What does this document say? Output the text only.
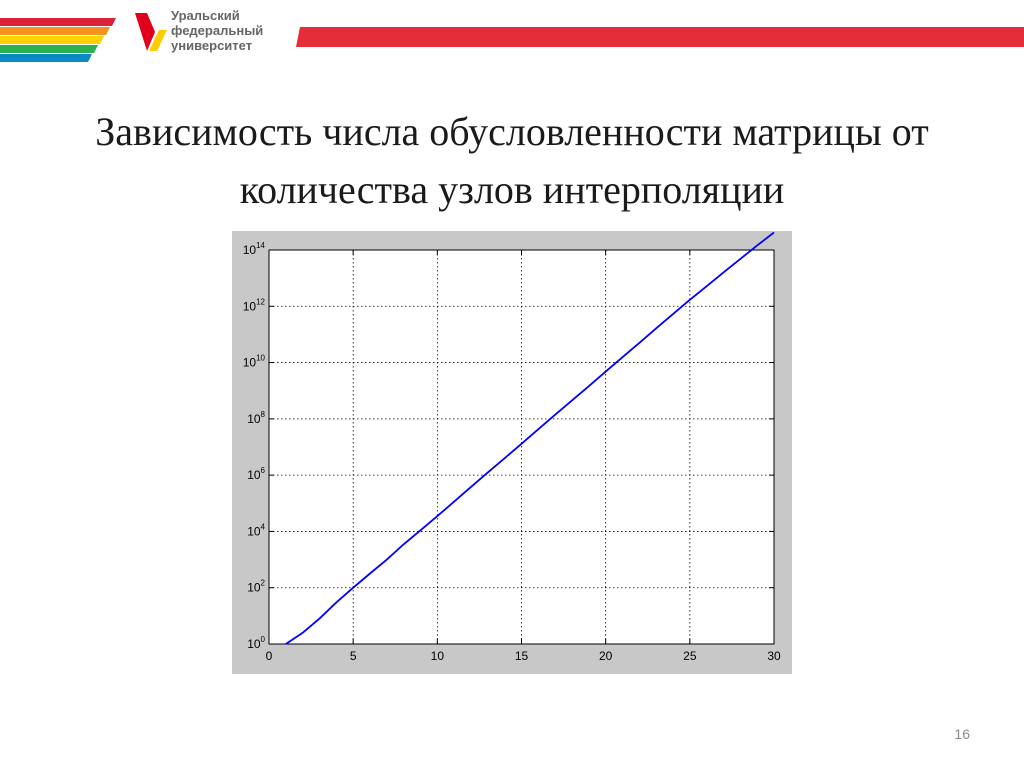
Уральский
федеральный
университет
Зависимость числа обусловленности матрицы от
количества узлов интерполяции
0	5	10	15	20	25	30
$10^0$
$10^2$
$10^4$
$10^6$
$10^8$
$10^{10}$
$10^{12}$
$10^{14}$
16
